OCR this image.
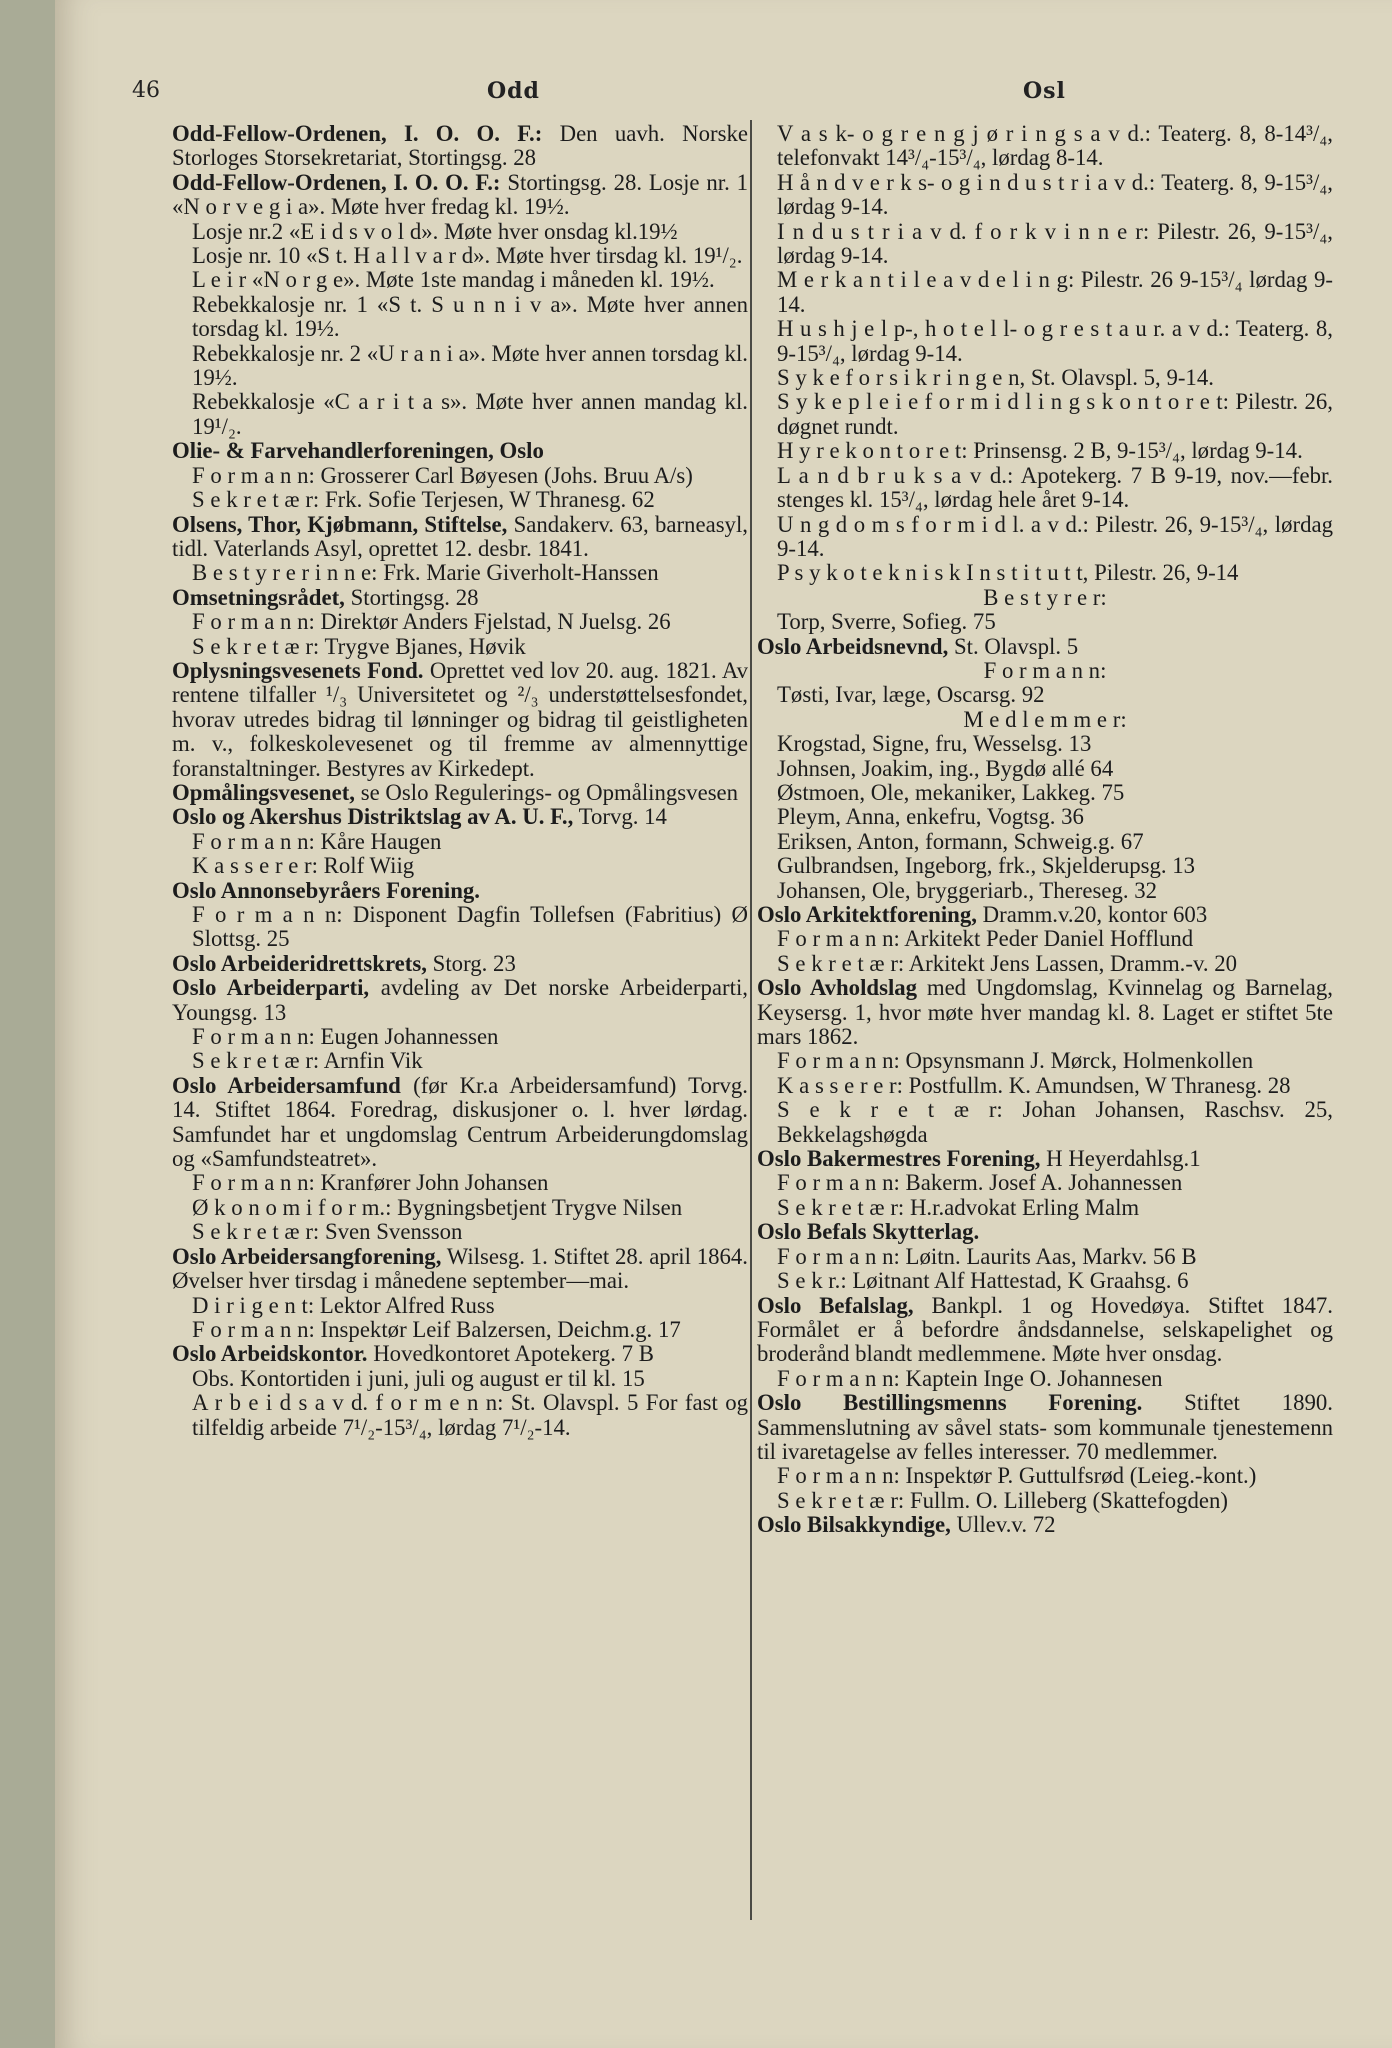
46	Odd	Osl
Odd-Fellow-Ordenen, I. O. O. F.: Den uavh. Norske Storloges Storsekretariat, Stortingsg. 28
Odd-Fellow-Ordenen, I. O. O. F.: Stortingsg. 28. Losje nr. 1 «N o r v e g i a». Møte hver fredag kl. 19½.
Losje nr.2 «E i d s v o l d». Møte hver onsdag kl.19½
Losje nr. 10 «S t. H a l l v a r d». Møte hver tirsdag kl. 19¹/₂.
L e i r «N o r g e». Møte 1ste mandag i måneden kl. 19½.
Rebekkalosje nr. 1 «S t. S u n n i v a». Møte hver annen torsdag kl. 19½.
Rebekkalosje nr. 2 «U r a n i a». Møte hver annen torsdag kl. 19½.
Rebekkalosje «C a r i t a s». Møte hver annen mandag kl. 19¹/₂.
Olie- & Farvehandlerforeningen, Oslo
F o r m a n n: Grosserer Carl Bøyesen (Johs. Bruu A/s)
S e k r e t æ r: Frk. Sofie Terjesen, W Thranesg. 62
Olsens, Thor, Kjøbmann, Stiftelse, Sandakerv. 63, barneasyl, tidl. Vaterlands Asyl, oprettet 12. desbr. 1841.
B e s t y r e r i n n e: Frk. Marie Giverholt-Hanssen
Omsetningsrådet, Stortingsg. 28
F o r m a n n: Direktør Anders Fjelstad, N Juelsg. 26
S e k r e t æ r: Trygve Bjanes, Høvik
Oplysningsvesenets Fond. Oprettet ved lov 20. aug. 1821. Av rentene tilfaller ¹/₃ Universitetet og ²/₃ understøttelsesfondet, hvorav utredes bidrag til lønninger og bidrag til geistligheten m. v., folkeskolevesenet og til fremme av almennyttige foranstaltninger. Bestyres av Kirkedept.
Opmålingsvesenet, se Oslo Regulerings- og Opmålingsvesen
Oslo og Akershus Distriktslag av A. U. F., Torvg. 14
F o r m a n n: Kåre Haugen
K a s s e r e r: Rolf Wiig
Oslo Annonsebyråers Forening.
F o r m a n n: Disponent Dagfin Tollefsen (Fabritius) Ø Slottsg. 25
Oslo Arbeideridrettskrets, Storg. 23
Oslo Arbeiderparti, avdeling av Det norske Arbeiderparti, Youngsg. 13
F o r m a n n: Eugen Johannessen
S e k r e t æ r: Arnfin Vik
Oslo Arbeidersamfund (før Kr.a Arbeidersamfund) Torvg. 14. Stiftet 1864. Foredrag, diskusjoner o. l. hver lørdag. Samfundet har et ungdomslag Centrum Arbeiderungdomslag og «Samfundsteatret».
F o r m a n n: Kranfører John Johansen
Ø k o n o m i f o r m.: Bygningsbetjent Trygve Nilsen
S e k r e t æ r: Sven Svensson
Oslo Arbeidersangforening, Wilsesg. 1. Stiftet 28. april 1864. Øvelser hver tirsdag i månedene september—mai.
D i r i g e n t: Lektor Alfred Russ
F o r m a n n: Inspektør Leif Balzersen, Deichm.g. 17
Oslo Arbeidskontor. Hovedkontoret Apotekerg. 7 B
Obs. Kontortiden i juni, juli og august er til kl. 15
A r b e i d s a v d. f o r m e n n: St. Olavspl. 5 For fast og tilfeldig arbeide 7¹/₂-15³/₄, lørdag 7¹/₂-14.
V a s k- o g r e n g j ø r i n g s a v d.: Teaterg. 8, 8-14³/₄, telefonvakt 14³/₄-15³/₄, lørdag 8-14.
H å n d v e r k s- o g i n d u s t r i a v d.: Teaterg. 8, 9-15³/₄, lørdag 9-14.
I n d u s t r i a v d. f o r k v i n n e r: Pilestr. 26, 9-15³/₄, lørdag 9-14.
M e r k a n t i l e a v d e l i n g: Pilestr. 26 9-15³/₄ lørdag 9-14.
H u s h j e l p-, h o t e l l- o g r e s t a u r. a v d.: Teaterg. 8, 9-15³/₄, lørdag 9-14.
S y k e f o r s i k r i n g e n, St. Olavspl. 5, 9-14.
S y k e p l e i e f o r m i d l i n g s k o n t o r e t: Pilestr. 26, døgnet rundt.
H y r e k o n t o r e t: Prinsensg. 2 B, 9-15³/₄, lørdag 9-14.
L a n d b r u k s a v d.: Apotekerg. 7 B 9-19, nov.—febr. stenges kl. 15³/₄, lørdag hele året 9-14.
U n g d o m s f o r m i d l. a v d.: Pilestr. 26, 9-15³/₄, lørdag 9-14.
P s y k o t e k n i s k I n s t i t u t t, Pilestr. 26, 9-14
B e s t y r e r:
Torp, Sverre, Sofieg. 75
Oslo Arbeidsnevnd, St. Olavspl. 5
F o r m a n n:
Tøsti, Ivar, læge, Oscarsg. 92
M e d l e m m e r:
Krogstad, Signe, fru, Wesselsg. 13
Johnsen, Joakim, ing., Bygdø allé 64
Østmoen, Ole, mekaniker, Lakkeg. 75
Pleym, Anna, enkefru, Vogtsg. 36
Eriksen, Anton, formann, Schweig.g. 67
Gulbrandsen, Ingeborg, frk., Skjelderupsg. 13
Johansen, Ole, bryggeriarb., Thereseg. 32
Oslo Arkitektforening, Dramm.v.20, kontor 603
F o r m a n n: Arkitekt Peder Daniel Hofflund
S e k r e t æ r: Arkitekt Jens Lassen, Dramm.-v. 20
Oslo Avholdslag med Ungdomslag, Kvinnelag og Barnelag, Keysersg. 1, hvor møte hver mandag kl. 8. Laget er stiftet 5te mars 1862.
F o r m a n n: Opsynsmann J. Mørck, Holmenkollen
K a s s e r e r: Postfullm. K. Amundsen, W Thranesg. 28
S e k r e t æ r: Johan Johansen, Raschsv. 25, Bekkelagshøgda
Oslo Bakermestres Forening, H Heyerdahlsg.1
F o r m a n n: Bakerm. Josef A. Johannessen
S e k r e t æ r: H.r.advokat Erling Malm
Oslo Befals Skytterlag.
F o r m a n n: Løitn. Laurits Aas, Markv. 56 B
S e k r.: Løitnant Alf Hattestad, K Graahsg. 6
Oslo Befalslag, Bankpl. 1 og Hovedøya. Stiftet 1847. Formålet er å befordre åndsdannelse, selskapelighet og broderånd blandt medlemmene. Møte hver onsdag.
F o r m a n n: Kaptein Inge O. Johannesen
Oslo Bestillingsmenns Forening. Stiftet 1890. Sammenslutning av såvel stats- som kommunale tjenestemenn til ivaretagelse av felles interesser. 70 medlemmer.
F o r m a n n: Inspektør P. Guttulfsrød (Leieg.-kont.)
S e k r e t æ r: Fullm. O. Lilleberg (Skattefogden)
Oslo Bilsakkyndige, Ullev.v. 72
